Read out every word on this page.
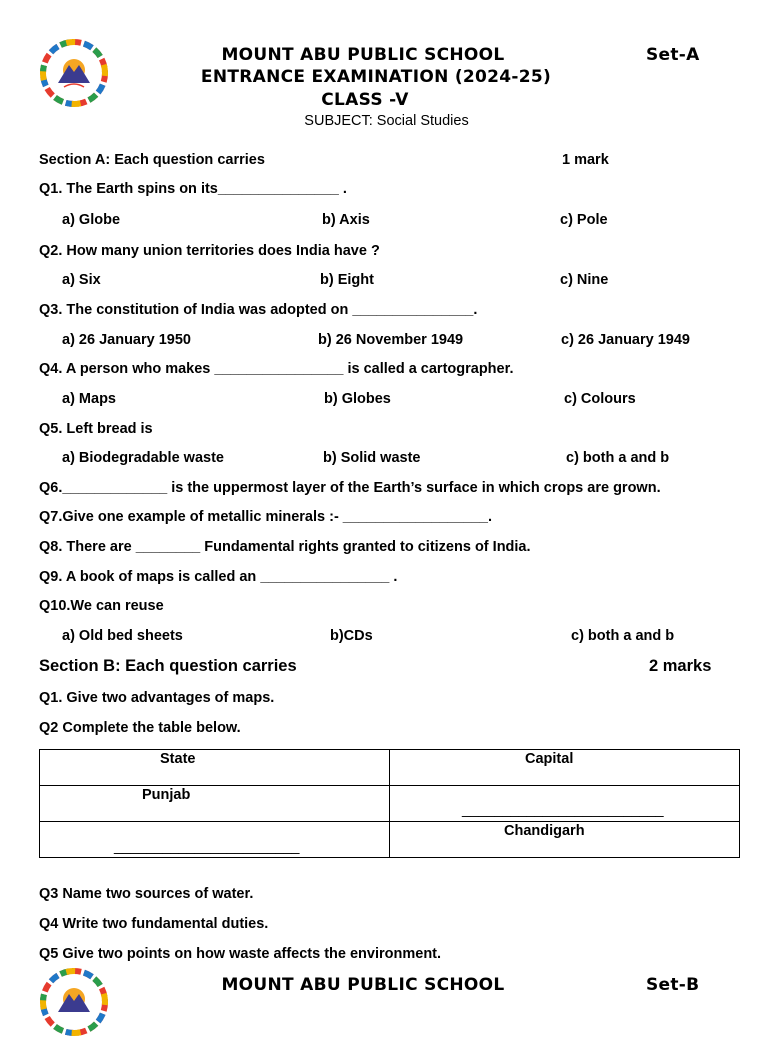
MOUNT ABU PUBLIC SCHOOL
ENTRANCE EXAMINATION (2024-25)
CLASS -V
SUBJECT: Social Studies
Set-A
Section A: Each question carries	1 mark
Q1. The Earth spins on its_______________ .
a) Globe	b) Axis	c) Pole
Q2. How many union territories does India have ?
a) Six	b) Eight	c) Nine
Q3. The constitution of India was adopted on _______________.
a) 26 January 1950	b) 26 November 1949	c) 26 January 1949
Q4. A person who makes ________________ is called a cartographer.
a) Maps	b) Globes	c) Colours
Q5. Left bread is
a) Biodegradable waste	b) Solid waste	c) both a and b
Q6._____________ is the uppermost layer of the Earth’s surface in which crops are grown.
Q7.Give one example of metallic minerals :- __________________.
Q8. There are ________ Fundamental rights granted to citizens of India.
Q9. A book of maps is called an ________________ .
Q10.We can reuse
a) Old bed sheets	b)CDs	c) both a and b
Section B: Each question carries	2 marks
Q1. Give two advantages of maps.
Q2 Complete the table below.
State	Capital

Punjab	_________________________

_______________________	Chandigarh
Q3 Name two sources of water.
Q4 Write two fundamental duties.
Q5 Give two points on how waste affects the environment.
MOUNT ABU PUBLIC SCHOOL	Set-B
